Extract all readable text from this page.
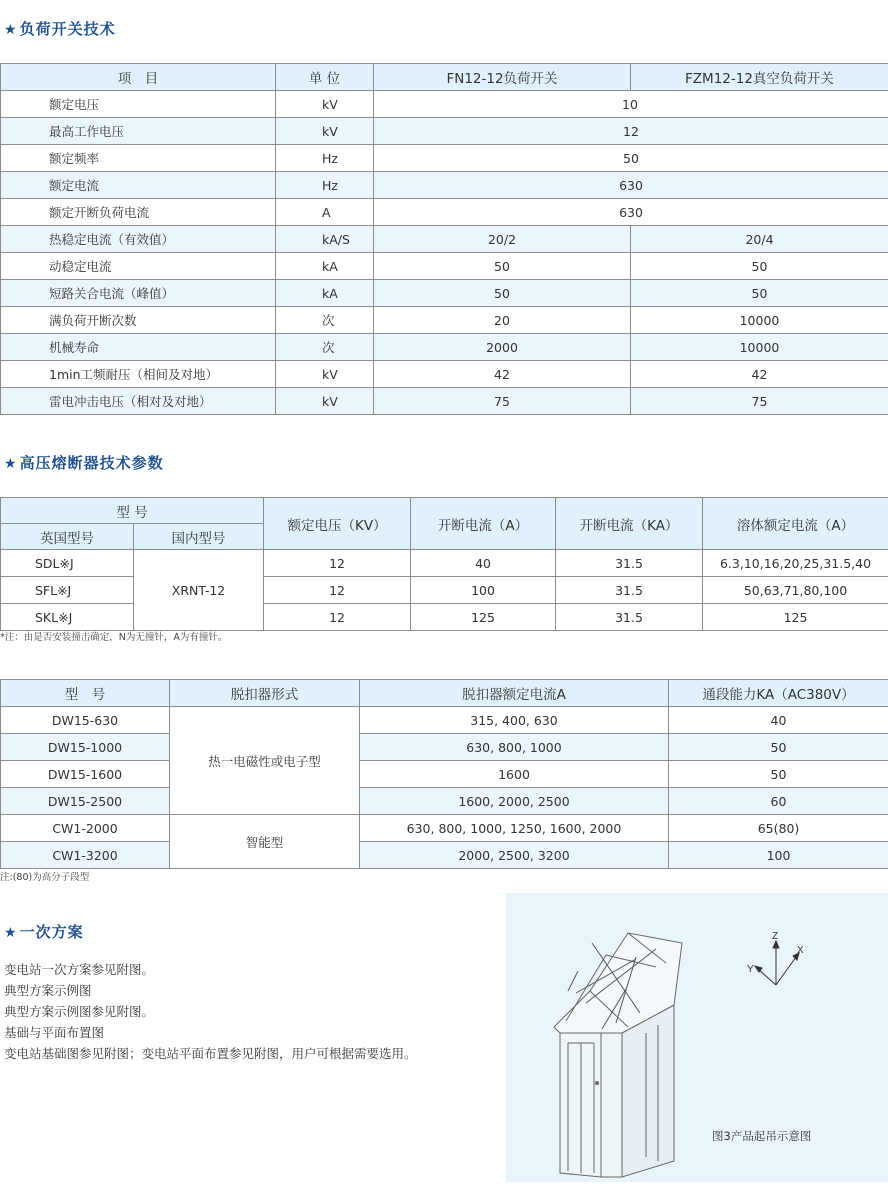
★ 负荷开关技术
项　目	单 位	FN12-12负荷开关	FZM12-12真空负荷开关
额定电压	kV	10	
最高工作电压	kV	12	
额定频率	Hz	50	
额定电流	Hz	630	
额定开断负荷电流	A	630	
热稳定电流（有效值）	kA/S	20/2	20/4
动稳定电流	kA	50	50
短路关合电流（峰值）	kA	50	50
满负荷开断次数	次	20	10000
机械寿命	次	2000	10000
1min工频耐压（相间及对地）	kV	42	42
雷电冲击电压（相对及对地）	kV	75	75
★ 高压熔断器技术参数
型 号		额定电压（KV）	开断电流（A）	开断电流（KA）	溶体额定电流（A）
英国型号	国内型号				
SDL※J	XRNT-12	12	40	31.5	6.3,10,16,20,25,31.5,40
SFL※J		12	100	31.5	50,63,71,80,100
SKL※J		12	125	31.5	125
*注：由是否安装撞击确定，N为无撞针，A为有撞针。
型　号	脱扣器形式	脱扣器额定电流A	通段能力KA（AC380V）
DW15-630	热一电磁性或电子型	315, 400, 630	40
DW15-1000		630, 800, 1000	50
DW15-1600		1600	50
DW15-2500		1600, 2000, 2500	60
CW1-2000	智能型	630, 800, 1000, 1250, 1600, 2000	65(80)
CW1-3200		2000, 2500, 3200	100
注:(80)为高分子段型
★ 一次方案
变电站一次方案参见附图。
典型方案示例图
典型方案示例图参见附图。
基础与平面布置图
变电站基础图参见附图；变电站平面布置参见附图，用户可根据需要选用。
Z
X
Y
图3产品起吊示意图
